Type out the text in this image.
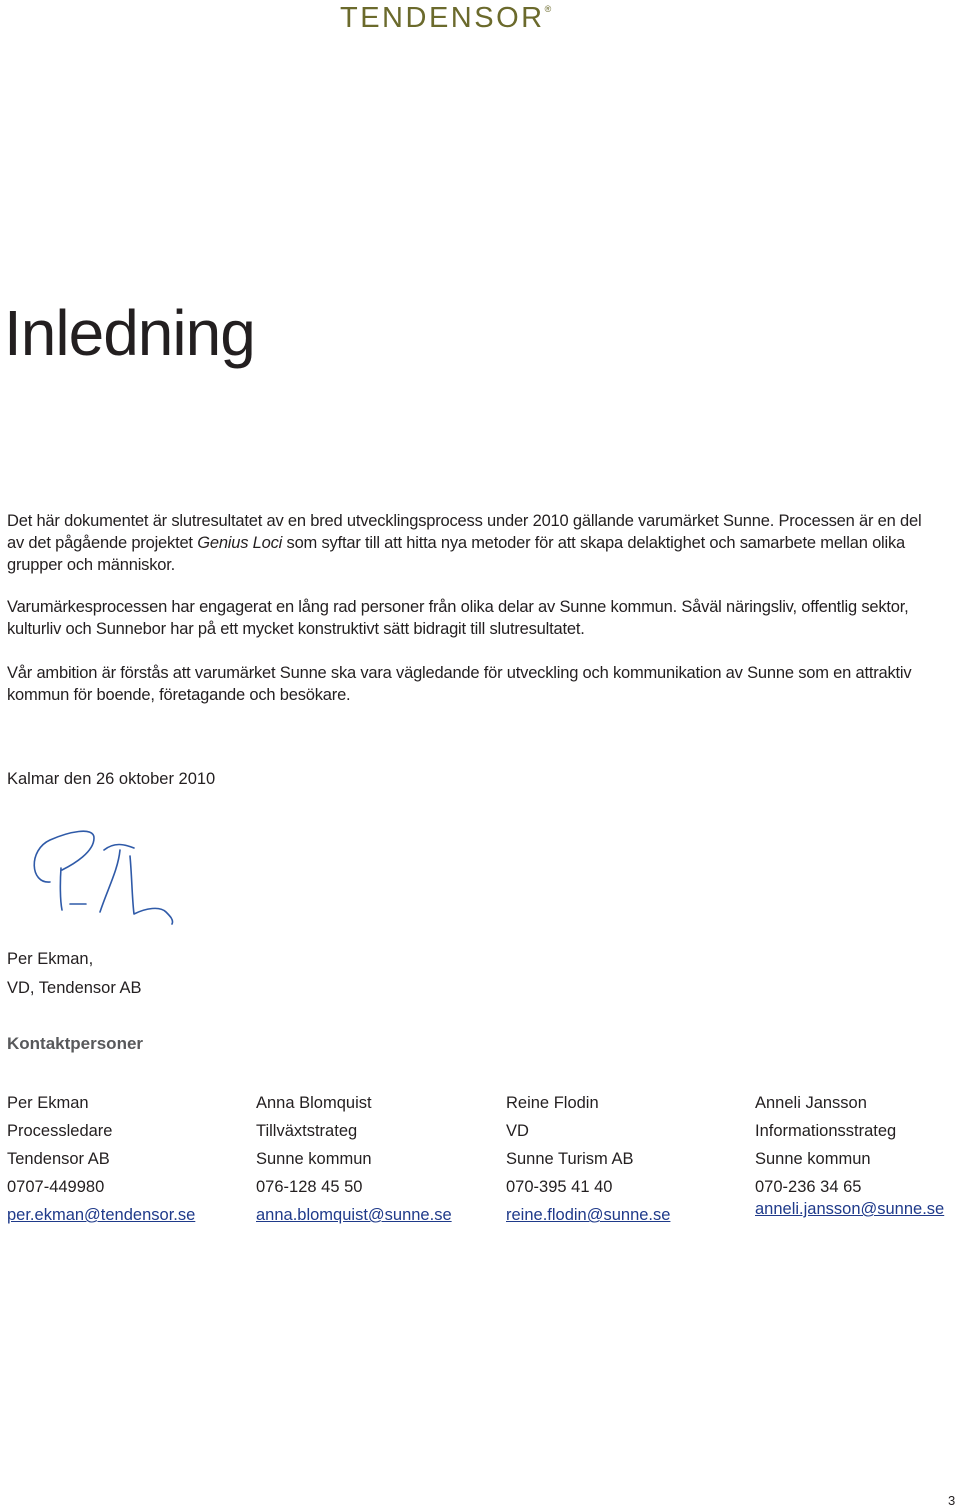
TENDENSOR®
Inledning

Det här dokumentet är slutresultatet av en bred utvecklingsprocess under 2010 gällande varumärket Sunne. Processen är en del av det pågående projektet Genius Loci som syftar till att hitta nya metoder för att skapa delaktighet och samarbete mellan olika grupper och människor.

Varumärkesprocessen har engagerat en lång rad personer från olika delar av Sunne kommun. Såväl näringsliv, offentlig sektor, kulturliv och Sunnebor har på ett mycket konstruktivt sätt bidragit till slutresultatet.

Vår ambition är förstås att varumärket Sunne ska vara vägledande för utveckling och kommunikation av Sunne som en attraktiv kommun för boende, företagande och besökare.

Kalmar den 26 oktober 2010

Per Ekman,

VD, Tendensor AB

Kontaktpersoner
Per Ekman
Processledare
Tendensor AB
0707-449980
per.ekman@tendensor.se
Anna Blomquist
Tillväxtstrateg
Sunne kommun
076-128 45 50
anna.blomquist@sunne.se
Reine Flodin
VD
Sunne Turism AB
070-395 41 40
reine.flodin@sunne.se
Anneli Jansson
Informationsstrateg
Sunne kommun
070-236 34 65
anneli.jansson@sunne.se

3
